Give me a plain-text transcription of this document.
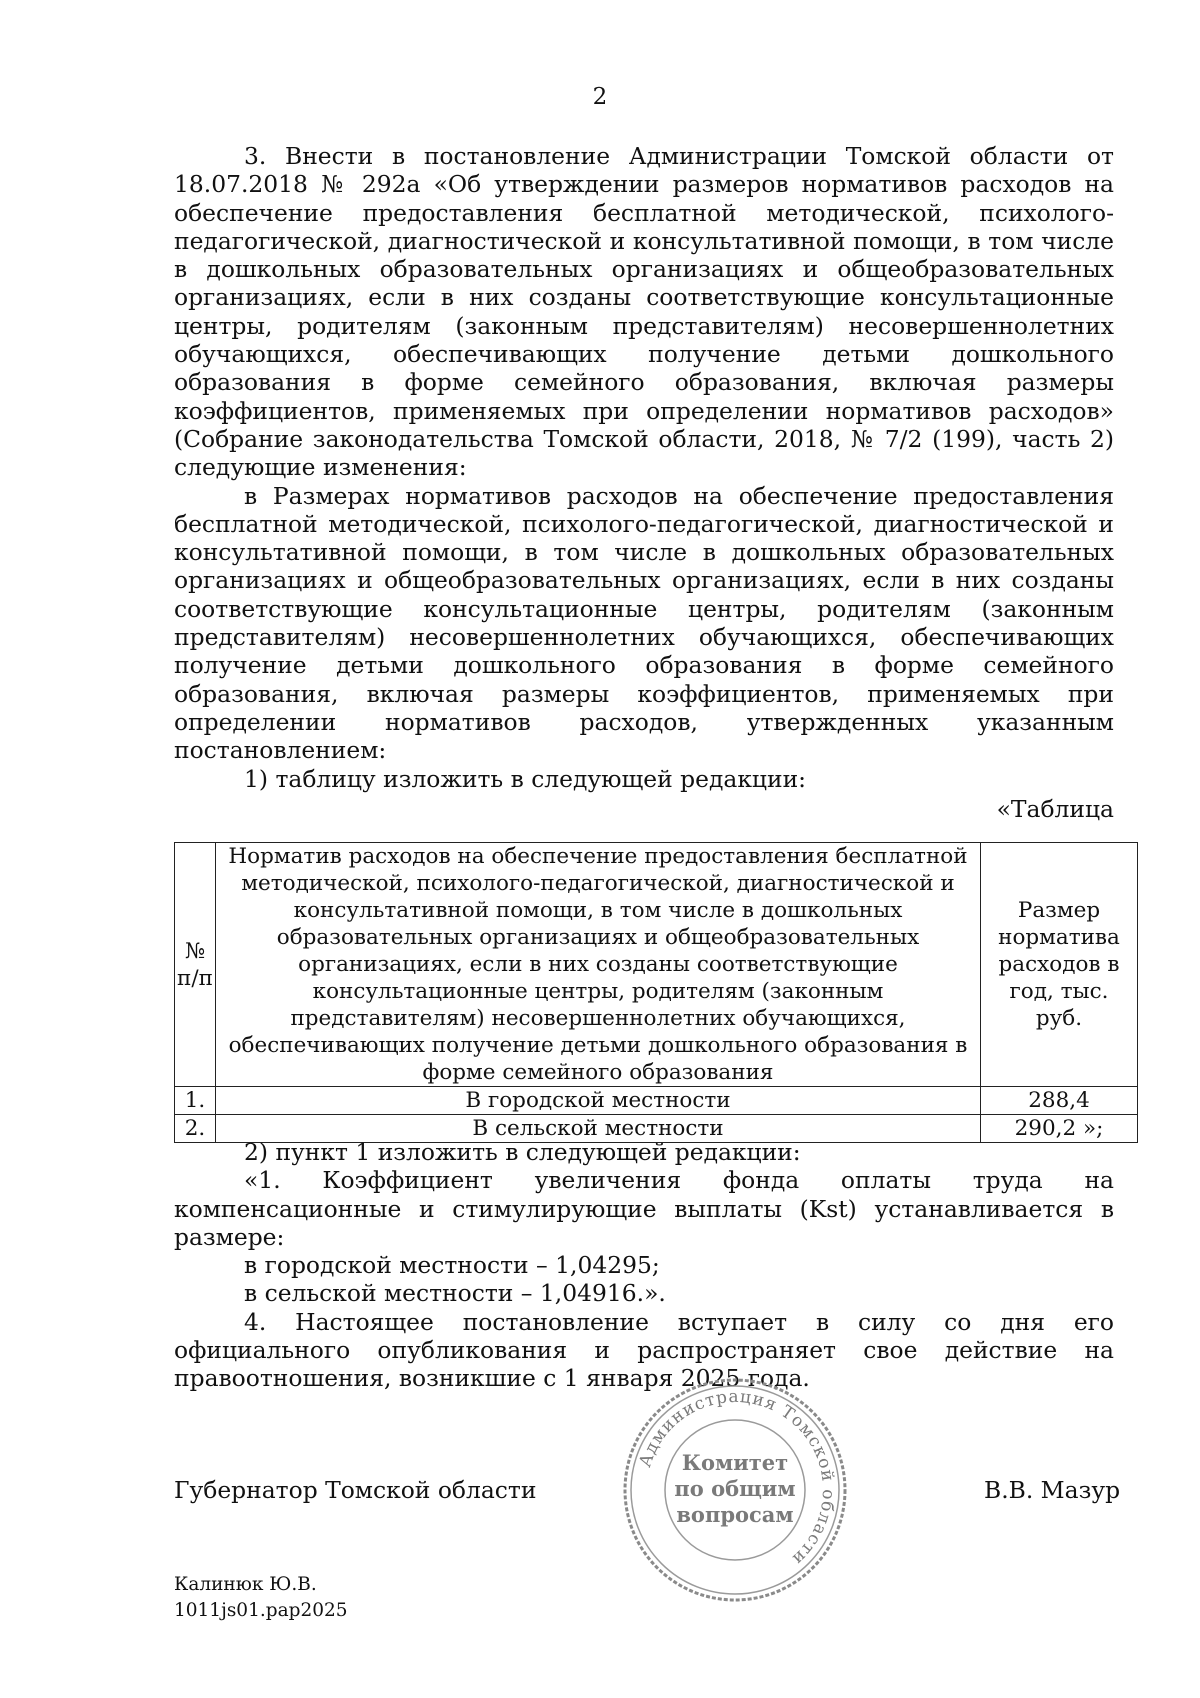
2

3. Внести в постановление Администрации Томской области от 18.07.2018 № 292а «Об утверждении размеров нормативов расходов на обеспечение предоставления бесплатной методической, психолого-педагогической, диагностической и консультативной помощи, в том числе в дошкольных образовательных организациях и общеобразовательных организациях, если в них созданы соответствующие консультационные центры, родителям (законным представителям) несовершеннолетних обучающихся, обеспечивающих получение детьми дошкольного образования в форме семейного образования, включая размеры коэффициентов, применяемых при определении нормативов расходов» (Собрание законодательства Томской области, 2018, № 7/2 (199), часть 2) следующие изменения:

в Размерах нормативов расходов на обеспечение предоставления бесплатной методической, психолого-педагогической, диагностической и консультативной помощи, в том числе в дошкольных образовательных организациях и общеобразовательных организациях, если в них созданы соответствующие консультационные центры, родителям (законным представителям) несовершеннолетних обучающихся, обеспечивающих получение детьми дошкольного образования в форме семейного образования, включая размеры коэффициентов, применяемых при определении нормативов расходов, утвержденных указанным постановлением:

1) таблицу изложить в следующей редакции:

«Таблица

№ п/п	Норматив расходов на обеспечение предоставления бесплатной методической, психолого-педагогической, диагностической и консультативной помощи, в том числе в дошкольных образовательных организациях и общеобразовательных организациях, если в них созданы соответствующие консультационные центры, родителям (законным представителям) несовершеннолетних обучающихся, обеспечивающих получение детьми дошкольного образования в форме семейного образования	Размер норматива расходов в год, тыс. руб.
1.	В городской местности	288,4
2.	В сельской местности	290,2 »;

2) пункт 1 изложить в следующей редакции:

«1. Коэффициент увеличения фонда оплаты труда на компенсационные и стимулирующие выплаты (Kst) устанавливается в размере:

в городской местности – 1,04295;

в сельской местности – 1,04916.».

4. Настоящее постановление вступает в силу со дня его официального опубликования и распространяет свое действие на правоотношения, возникшие с 1 января 2025 года.

Губернатор Томской области	В.В. Мазур
Администрация Томской области
Комитет
по общим
вопросам
Калинюк Ю.В.
1011js01.pap2025
